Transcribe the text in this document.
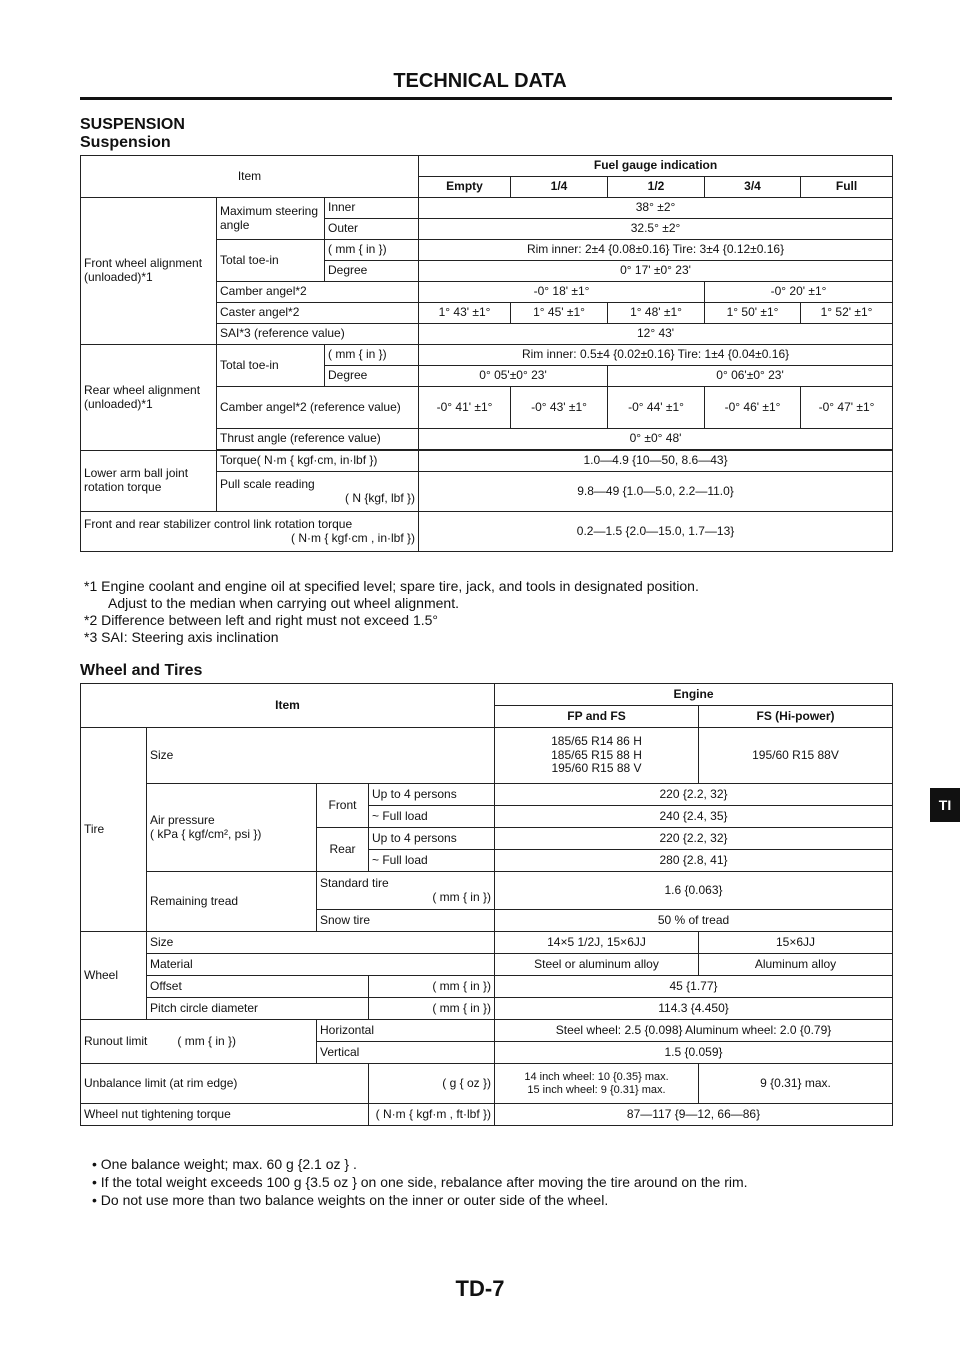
TECHNICAL DATA
SUSPENSION
Suspension
Item			Fuel gauge indication				
			Empty	1/4	1/2	3/4	Full
Front wheel alignment (unloaded)*1	Maximum steering angle	Inner	38° ±2°				
		Outer	32.5° ±2°				
	Total toe-in	( mm { in })	Rim inner: 2±4 {0.08±0.16} Tire: 3±4 {0.12±0.16}				
		Degree	0° 17' ±0° 23'				
	Camber angel*2		-0° 18' ±1°			-0° 20' ±1°	
	Caster angel*2		1° 43' ±1°	1° 45' ±1°	1° 48' ±1°	1° 50' ±1°	1° 52' ±1°
	SAI*3 (reference value)		12° 43'				
Rear wheel alignment (unloaded)*1	Total toe-in	( mm { in })	Rim inner: 0.5±4 {0.02±0.16} Tire: 1±4 {0.04±0.16}				
		Degree	0° 05'±0° 23'		0° 06'±0° 23'		
	Camber angel*2 (reference value)		-0° 41' ±1°	-0° 43' ±1°	-0° 44' ±1°	-0° 46' ±1°	-0° 47' ±1°
	Thrust angle (reference value)		0° ±0° 48'				

Lower arm ball joint rotation torque	Torque( N·m { kgf·cm, in·lbf })		1.0—4.9 {10—50, 8.6—43}				

	Pull scale reading
( N {kgf, lbf })		9.8—49 {1.0—5.0, 2.2—11.0}				

Front and rear stabilizer control link rotation torque
( N·m { kgf·cm , in·lbf })			0.2—1.5 {2.0—15.0, 1.7—13}				
*1 Engine coolant and engine oil at specified level; spare tire, jack, and tools in designated position.
Adjust to the median when carrying out wheel alignment.
*2 Difference between left and right must not exceed 1.5°
*3 SAI: Steering axis inclination
Wheel and Tires
Item				Engine	
				FP and FS	FS (Hi-power)
Tire	Size			185/65 R14 86 H
185/65 R15 88 H
195/60 R15 88 V	195/60 R15 88V

	Air pressure
( kPa { kgf/cm², psi })	Front	Up to 4 persons	220 {2.2, 32}	
			~ Full load	240 {2.4, 35}	
		Rear	Up to 4 persons	220 {2.2, 32}	
			~ Full load	280 {2.8, 41}	
	Remaining tread	Standard tire
( mm { in })		1.6 {0.063}	
		Snow tire		50 % of tread	
Wheel	Size			14×5 1/2J, 15×6JJ	15×6JJ
	Material			Steel or aluminum alloy	Aluminum alloy
	Offset		( mm { in })	45 {1.77}	
	Pitch circle diameter		( mm { in })	114.3 {4.450}	
Runout limit ( mm { in })		Horizontal		Steel wheel: 2.5 {0.098} Aluminum wheel: 2.0 {0.79}	
		Vertical		1.5 {0.059}	
Unbalance limit (at rim edge)			( g { oz })	14 inch wheel: 10 {0.35} max.
15 inch wheel: 9 {0.31} max.	9 {0.31} max.
Wheel nut tightening torque			( N·m { kgf·m , ft·lbf })	87—117 {9—12, 66—86}	
• One balance weight; max. 60 g {2.1 oz } .
• If the total weight exceeds 100 g {3.5 oz } on one side, rebalance after moving the tire around on the rim.
• Do not use more than two balance weights on the inner or outer side of the wheel.
TI
TD-7
